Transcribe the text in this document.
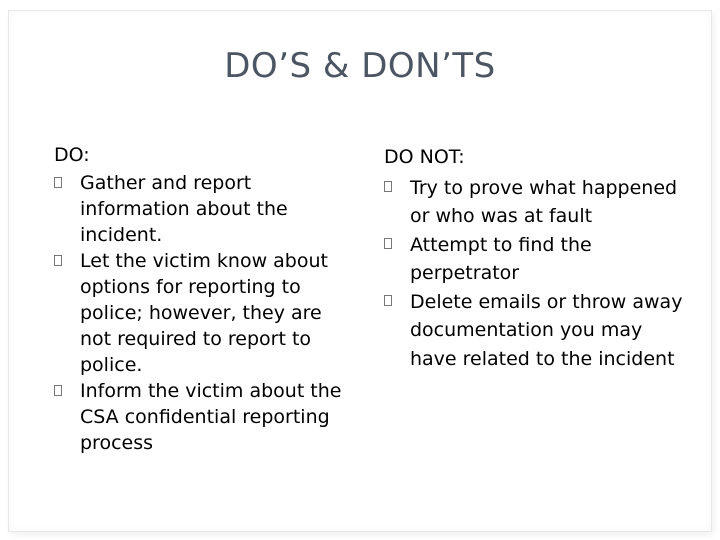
DO’S & DON’TS
DO:
Gather and report information about the incident.
Let the victim know about options for reporting to police; however, they are not required to report to police.
Inform the victim about the CSA confidential reporting process
DO NOT:
Try to prove what happened or who was at fault
Attempt to find the perpetrator
Delete emails or throw away documentation you may have related to the incident
